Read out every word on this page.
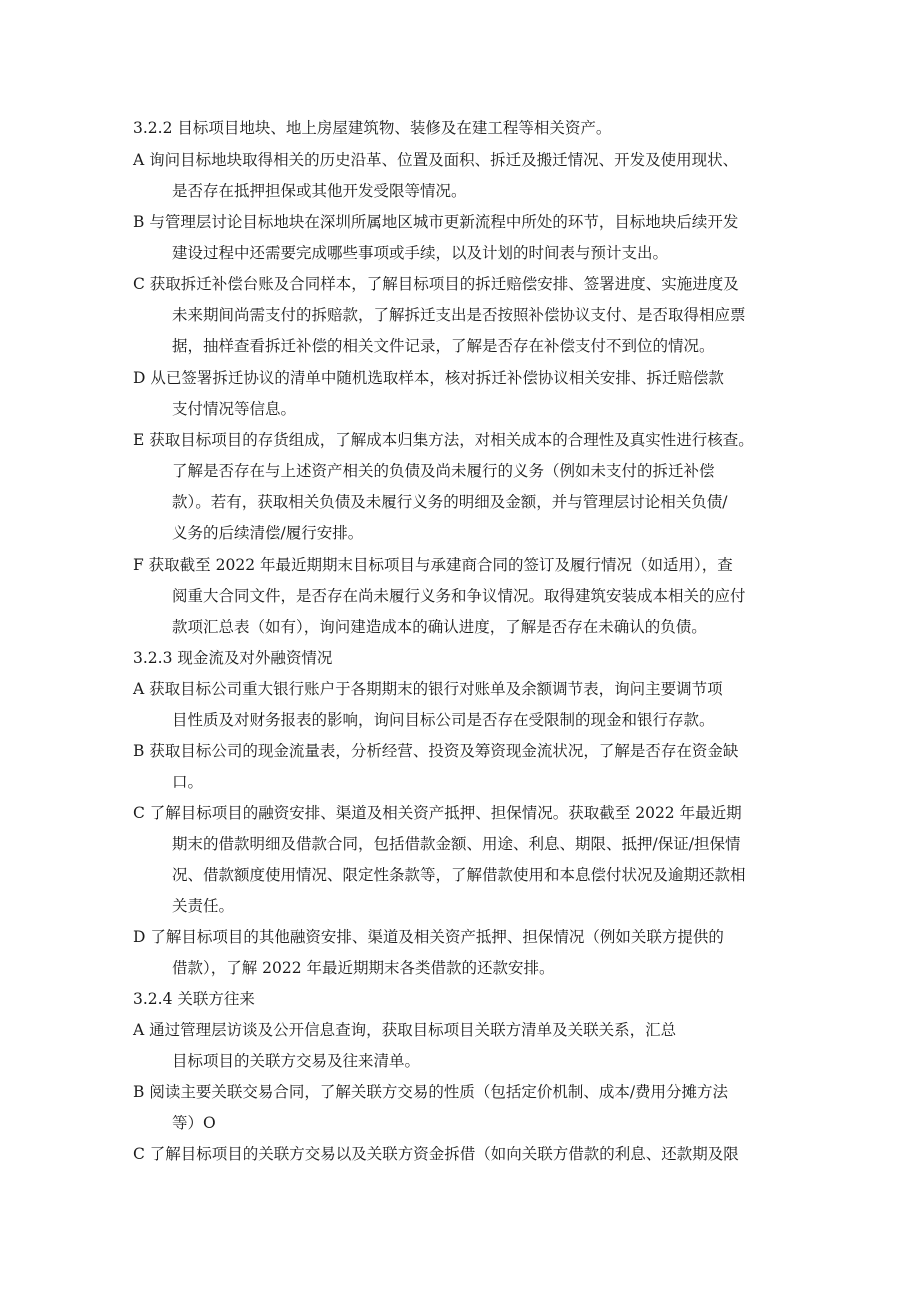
3.2.2 目标项目地块、地上房屋建筑物、装修及在建工程等相关资产。
A 询问目标地块取得相关的历史沿革、位置及面积、拆迁及搬迁情况、开发及使用现状、
是否存在抵押担保或其他开发受限等情况。
B 与管理层讨论目标地块在深圳所属地区城市更新流程中所处的环节，目标地块后续开发
建设过程中还需要完成哪些事项或手续，以及计划的时间表与预计支出。
C 获取拆迁补偿台账及合同样本，了解目标项目的拆迁赔偿安排、签署进度、实施进度及
未来期间尚需支付的拆赔款，了解拆迁支出是否按照补偿协议支付、是否取得相应票
据，抽样查看拆迁补偿的相关文件记录，了解是否存在补偿支付不到位的情况。
D 从已签署拆迁协议的清单中随机选取样本，核对拆迁补偿协议相关安排、拆迁赔偿款
支付情况等信息。
E 获取目标项目的存货组成，了解成本归集方法，对相关成本的合理性及真实性进行核查。
了解是否存在与上述资产相关的负债及尚未履行的义务（例如未支付的拆迁补偿
款）。若有，获取相关负债及未履行义务的明细及金额，并与管理层讨论相关负债/
义务的后续清偿/履行安排。
F 获取截至 2022 年最近期期末目标项目与承建商合同的签订及履行情况（如适用），查
阅重大合同文件，是否存在尚未履行义务和争议情况。取得建筑安装成本相关的应付
款项汇总表（如有），询问建造成本的确认进度，了解是否存在未确认的负债。
3.2.3 现金流及对外融资情况
A 获取目标公司重大银行账户于各期期末的银行对账单及余额调节表，询问主要调节项
目性质及对财务报表的影响，询问目标公司是否存在受限制的现金和银行存款。
B 获取目标公司的现金流量表，分析经营、投资及筹资现金流状况，了解是否存在资金缺
口。
C 了解目标项目的融资安排、渠道及相关资产抵押、担保情况。获取截至 2022 年最近期
期末的借款明细及借款合同，包括借款金额、用途、利息、期限、抵押/保证/担保情
况、借款额度使用情况、限定性条款等，了解借款使用和本息偿付状况及逾期还款相
关责任。
D 了解目标项目的其他融资安排、渠道及相关资产抵押、担保情况（例如关联方提供的
借款），了解 2022 年最近期期末各类借款的还款安排。
3.2.4 关联方往来
A 通过管理层访谈及公开信息查询，获取目标项目关联方清单及关联关系，汇总
目标项目的关联方交易及往来清单。
B 阅读主要关联交易合同，了解关联方交易的性质（包括定价机制、成本/费用分摊方法
等）O
C 了解目标项目的关联方交易以及关联方资金拆借（如向关联方借款的利息、还款期及限
